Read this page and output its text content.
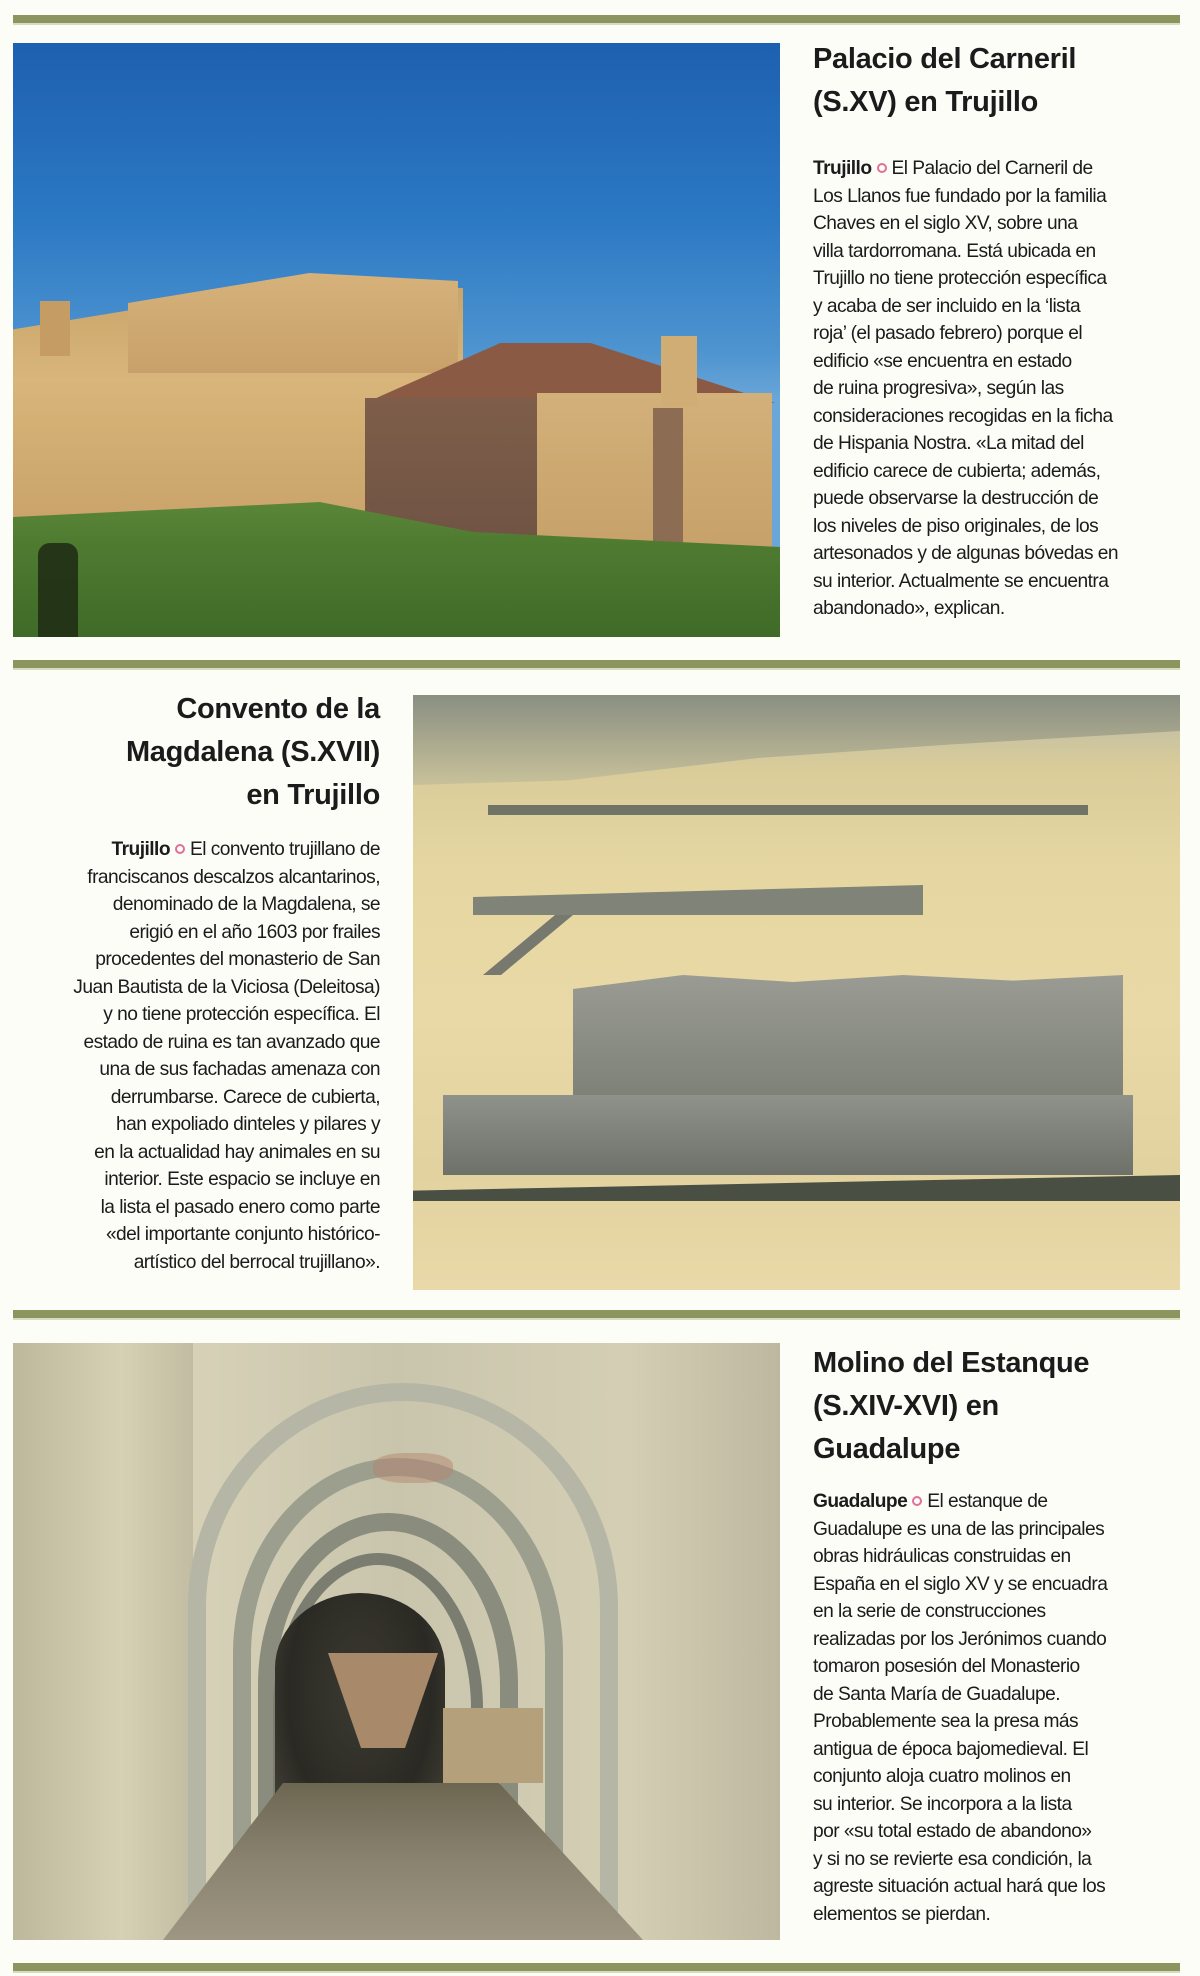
Palacio del Carneril
(S.XV) en Trujillo
Trujillo El Palacio del Carneril de
Los Llanos fue fundado por la familia
Chaves en el siglo XV, sobre una
villa tardorromana. Está ubicada en
Trujillo no tiene protección específica
y acaba de ser incluido en la ‘lista
roja’ (el pasado febrero) porque el
edificio «se encuentra en estado
de ruina progresiva», según las
consideraciones recogidas en la ficha
de Hispania Nostra. «La mitad del
edificio carece de cubierta; además,
puede observarse la destrucción de
los niveles de piso originales, de los
artesonados y de algunas bóvedas en
su interior. Actualmente se encuentra
abandonado», explican.
Convento de la
Magdalena (S.XVII)
en Trujillo
Trujillo El convento trujillano de
franciscanos descalzos alcantarinos,
denominado de la Magdalena, se
erigió en el año 1603 por frailes
procedentes del monasterio de San
Juan Bautista de la Viciosa (Deleitosa)
y no tiene protección específica. El
estado de ruina es tan avanzado que
una de sus fachadas amenaza con
derrumbarse. Carece de cubierta,
han expoliado dinteles y pilares y
en la actualidad hay animales en su
interior. Este espacio se incluye en
la lista el pasado enero como parte
«del importante conjunto histórico-
artístico del berrocal trujillano».
Molino del Estanque
(S.XIV-XVI) en
Guadalupe
Guadalupe El estanque de
Guadalupe es una de las principales
obras hidráulicas construidas en
España en el siglo XV y se encuadra
en la serie de construcciones
realizadas por los Jerónimos cuando
tomaron posesión del Monasterio
de Santa María de Guadalupe.
Probablemente sea la presa más
antigua de época bajomedieval. El
conjunto aloja cuatro molinos en
su interior. Se incorpora a la lista
por «su total estado de abandono»
y si no se revierte esa condición, la
agreste situación actual hará que los
elementos se pierdan.
